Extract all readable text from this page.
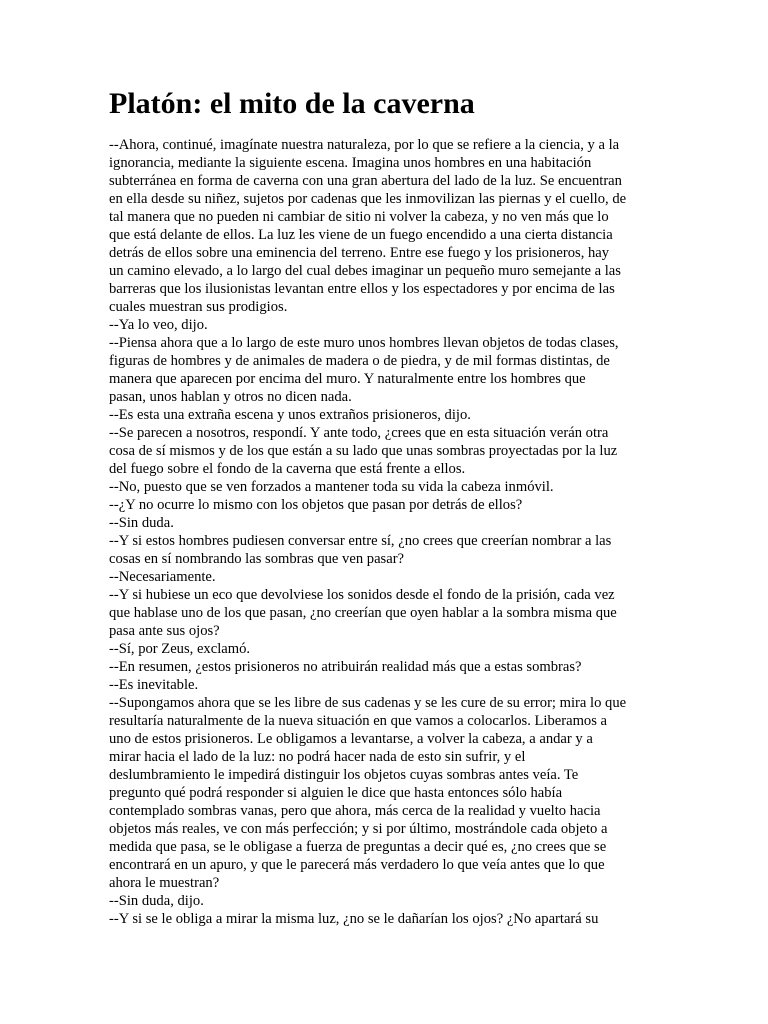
Platón: el mito de la caverna
--Ahora, continué, imagínate nuestra naturaleza, por lo que se refiere a la ciencia, y a la
ignorancia, mediante la siguiente escena. Imagina unos hombres en una habitación
subterránea en forma de caverna con una gran abertura del lado de la luz. Se encuentran
en ella desde su niñez, sujetos por cadenas que les inmovilizan las piernas y el cuello, de
tal manera que no pueden ni cambiar de sitio ni volver la cabeza, y no ven más que lo
que está delante de ellos. La luz les viene de un fuego encendido a una cierta distancia
detrás de ellos sobre una eminencia del terreno. Entre ese fuego y los prisioneros, hay
un camino elevado, a lo largo del cual debes imaginar un pequeño muro semejante a las
barreras que los ilusionistas levantan entre ellos y los espectadores y por encima de las
cuales muestran sus prodigios.
--Ya lo veo, dijo.
--Piensa ahora que a lo largo de este muro unos hombres llevan objetos de todas clases,
figuras de hombres y de animales de madera o de piedra, y de mil formas distintas, de
manera que aparecen por encima del muro. Y naturalmente entre los hombres que
pasan, unos hablan y otros no dicen nada.
--Es esta una extraña escena y unos extraños prisioneros, dijo.
--Se parecen a nosotros, respondí. Y ante todo, ¿crees que en esta situación verán otra
cosa de sí mismos y de los que están a su lado que unas sombras proyectadas por la luz
del fuego sobre el fondo de la caverna que está frente a ellos.
--No, puesto que se ven forzados a mantener toda su vida la cabeza inmóvil.
--¿Y no ocurre lo mismo con los objetos que pasan por detrás de ellos?
--Sin duda.
--Y si estos hombres pudiesen conversar entre sí, ¿no crees que creerían nombrar a las
cosas en sí nombrando las sombras que ven pasar?
--Necesariamente.
--Y si hubiese un eco que devolviese los sonidos desde el fondo de la prisión, cada vez
que hablase uno de los que pasan, ¿no creerían que oyen hablar a la sombra misma que
pasa ante sus ojos?
--Sí, por Zeus, exclamó.
--En resumen, ¿estos prisioneros no atribuirán realidad más que a estas sombras?
--Es inevitable.
--Supongamos ahora que se les libre de sus cadenas y se les cure de su error; mira lo que
resultaría naturalmente de la nueva situación en que vamos a colocarlos. Liberamos a
uno de estos prisioneros. Le obligamos a levantarse, a volver la cabeza, a andar y a
mirar hacia el lado de la luz: no podrá hacer nada de esto sin sufrir, y el
deslumbramiento le impedirá distinguir los objetos cuyas sombras antes veía. Te
pregunto qué podrá responder si alguien le dice que hasta entonces sólo había
contemplado sombras vanas, pero que ahora, más cerca de la realidad y vuelto hacia
objetos más reales, ve con más perfección; y si por último, mostrándole cada objeto a
medida que pasa, se le obligase a fuerza de preguntas a decir qué es, ¿no crees que se
encontrará en un apuro, y que le parecerá más verdadero lo que veía antes que lo que
ahora le muestran?
--Sin duda, dijo.
--Y si se le obliga a mirar la misma luz, ¿no se le dañarían los ojos? ¿No apartará su
